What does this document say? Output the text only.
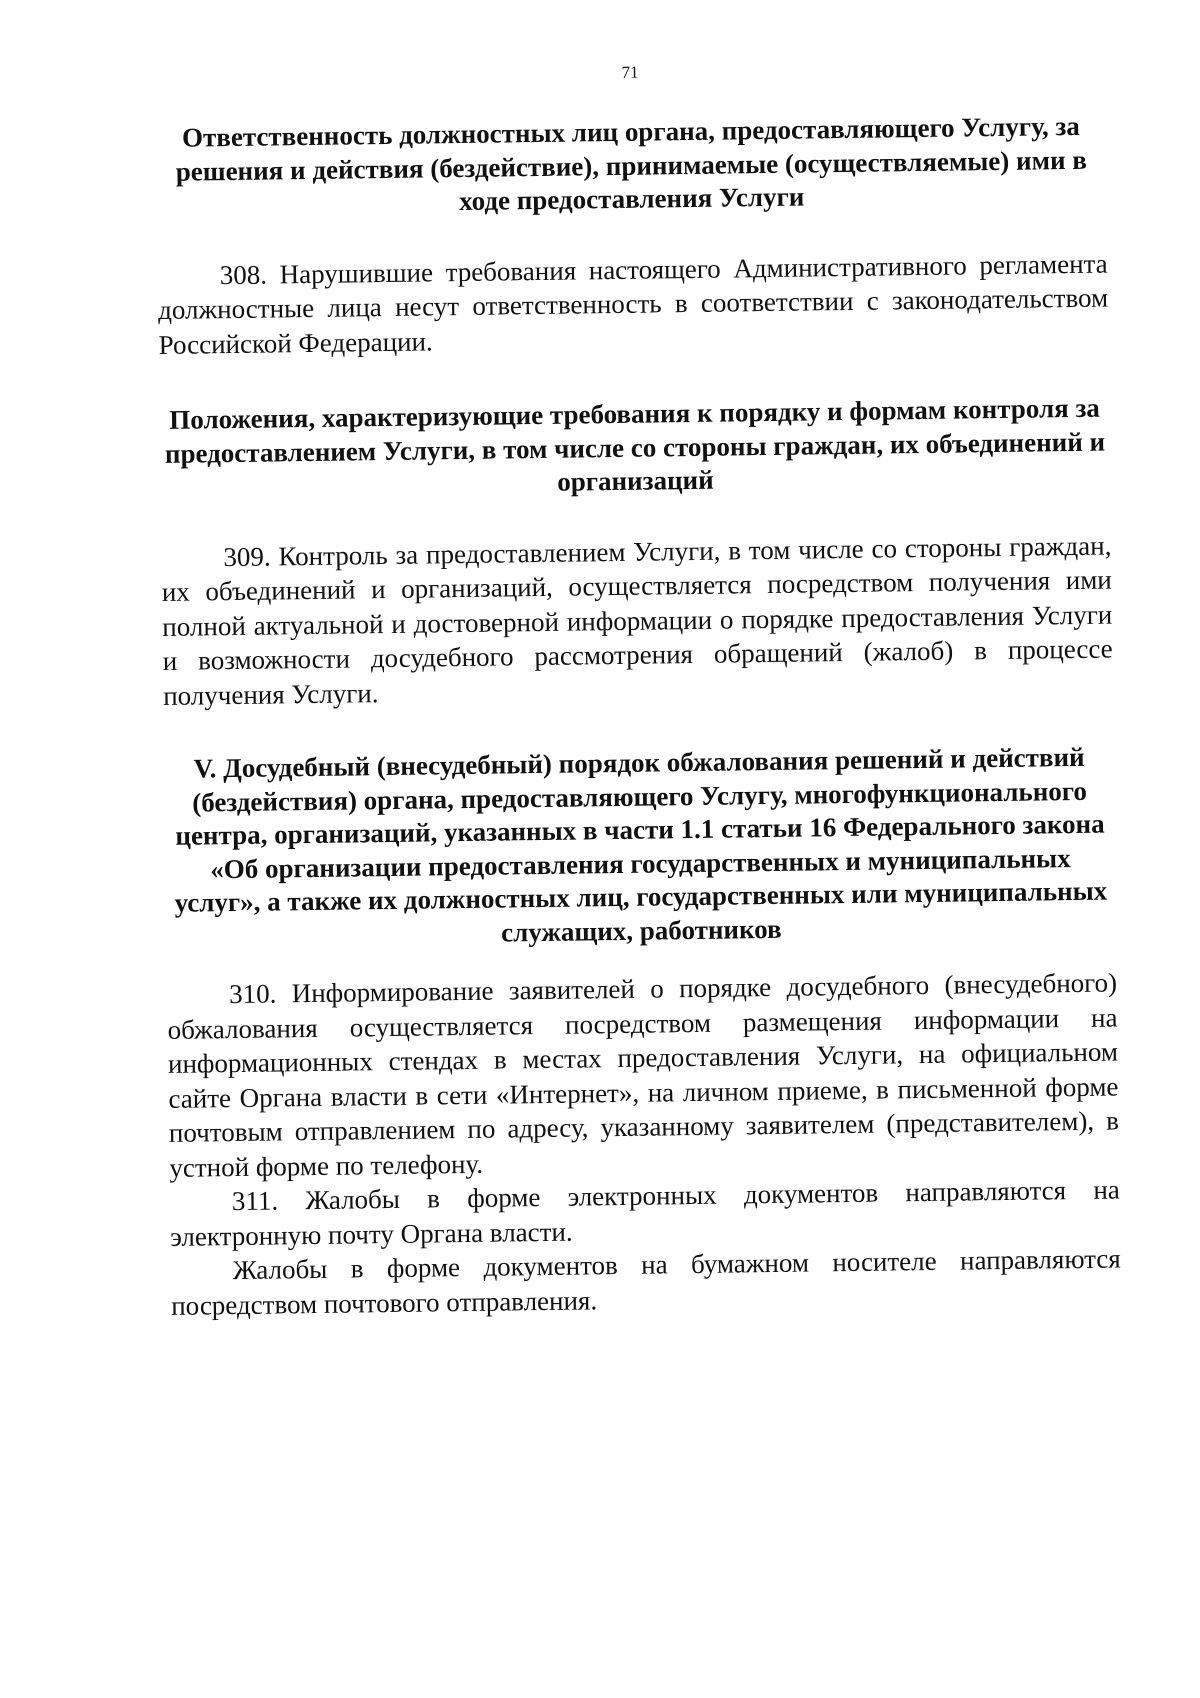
71
Ответственность должностных лиц органа, предоставляющего Услугу, за решения и действия (бездействие), принимаемые (осуществляемые) ими в ходе предоставления Услуги

308. Нарушившие требования настоящего Административного регламента должностные лица несут ответственность в соответствии с законодательством Российской Федерации.

Положения, характеризующие требования к порядку и формам контроля за предоставлением Услуги, в том числе со стороны граждан, их объединений и организаций

309. Контроль за предоставлением Услуги, в том числе со стороны граждан, их объединений и организаций, осуществляется посредством получения ими полной актуальной и достоверной информации о порядке предоставления Услуги и возможности досудебного рассмотрения обращений (жалоб) в процессе получения Услуги.

V. Досудебный (внесудебный) порядок обжалования решений и действий (бездействия) органа, предоставляющего Услугу, многофункционального центра, организаций, указанных в части 1.1 статьи 16 Федерального закона «Об организации предоставления государственных и муниципальных услуг», а также их должностных лиц, государственных или муниципальных служащих, работников

310. Информирование заявителей о порядке досудебного (внесудебного) обжалования осуществляется посредством размещения информации на информационных стендах в местах предоставления Услуги, на официальном сайте Органа власти в сети «Интернет», на личном приеме, в письменной форме почтовым отправлением по адресу, указанному заявителем (представителем), в устной форме по телефону.

311. Жалобы в форме электронных документов направляются на электронную почту Органа власти.

Жалобы в форме документов на бумажном носителе направляются посредством почтового отправления.
